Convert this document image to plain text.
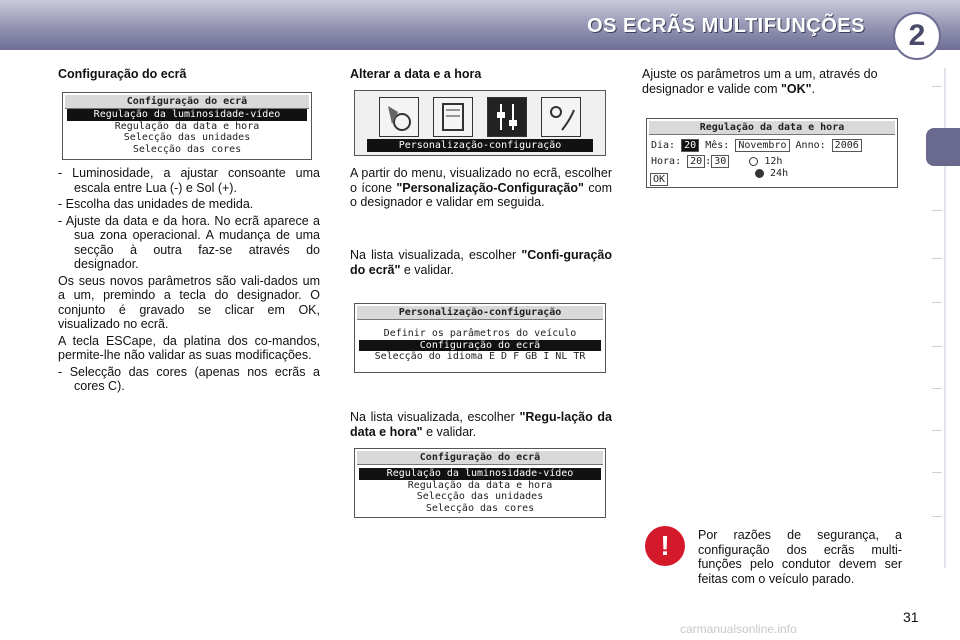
OS ECRÃS MULTIFUNÇÕES	2

Configuração do ecrã

Configuração do ecrã
Regulação da luminosidade-vídeo
Regulação da data e hora
Selecção das unidades
Selecção das cores

- Luminosidade, a ajustar consoante uma escala entre Lua (-) e Sol (+).

- Escolha das unidades de medida.

- Ajuste da data e da hora. No ecrã aparece a sua zona operacional. A mudança de uma secção à outra faz-se através do designador.

Os seus novos parâmetros são vali-dados um a um, premindo a tecla do designador. O conjunto é gravado se clicar em OK, visualizado no ecrã.

A tecla ESCape, da platina dos co-mandos, permite-lhe não validar as suas modificações.

- Selecção das cores (apenas nos ecrãs a cores C).

Alterar a data e a hora

Personalização-configuração

A partir do menu, visualizado no ecrã, escolher o ícone "Personalização-Configuração" com o designador e validar em seguida.

Na lista visualizada, escolher "Confi-guração do ecrã" e validar.

Personalização-configuração
Definir os parâmetros do veículo
Configuração do ecrã
Selecção do idioma E D F GB I NL TR

Na lista visualizada, escolher "Regu-lação da data e hora" e validar.

Configuração do ecrã
Regulação da luminosidade-vídeo
Regulação da data e hora
Selecção das unidades
Selecção das cores

Ajuste os parâmetros um a um, através do designador e valide com "OK".

Regulação da data e hora
Dia: 20 Mês: Novembro Anno: 2006
Hora: 20 : 30	12h
24h
OK
!	Por razões de segurança, a configuração dos ecrãs multi-funções pelo condutor devem ser feitas com o veículo parado.

31
carmanualsonline.info
